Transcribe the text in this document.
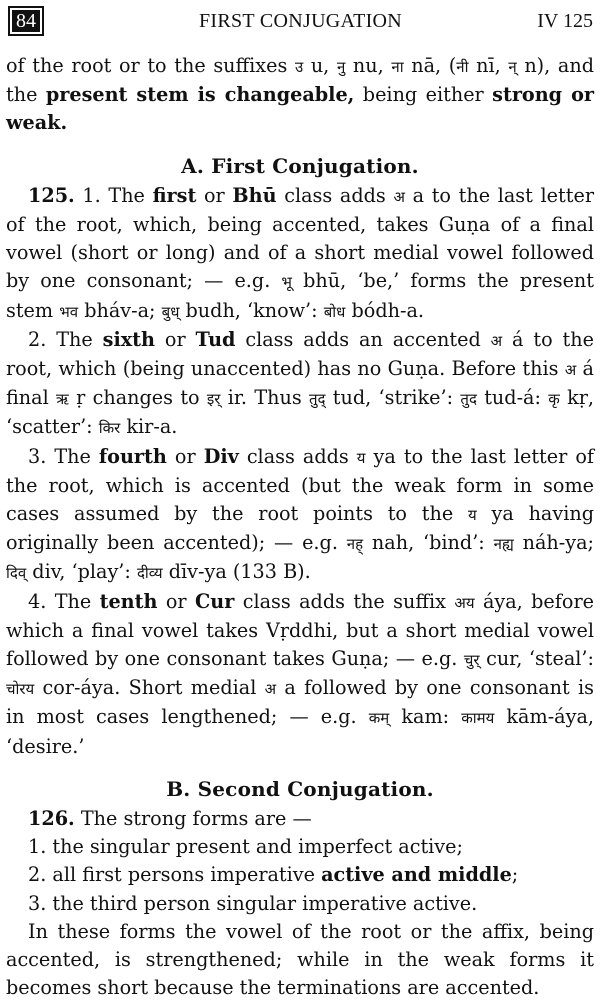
84	FIRST CONJUGATION	IV 125

of the root or to the suffixes उ u, नु nu, ना nā, (नी nī, न् n), and the present stem is changeable, being either strong or weak.

A. First Conjugation.

125. 1. The first or Bhū class adds अ a to the last letter of the root, which, being accented, takes Guṇa of a final vowel (short or long) and of a short medial vowel followed by one consonant; — e.g. भू bhū, ‘be,’ forms the present stem भव bháv-a; बुध् budh, ‘know’: बोध bódh-a.

2. The sixth or Tud class adds an accented अ á to the root, which (being unaccented) has no Guṇa. Before this अ á final ऋ ṛ changes to इर् ir. Thus तुद् tud, ‘strike’: तुद tud-á: कृ kṛ, ‘scatter’: किर kir-a.

3. The fourth or Div class adds य ya to the last letter of the root, which is accented (but the weak form in some cases assumed by the root points to the य ya having originally been accented); — e.g. नह् nah, ‘bind’: नह्य náh-ya; दिव् div, ‘play’: दीव्य dīv-ya (133 B).

4. The tenth or Cur class adds the suffix अय áya, before which a final vowel takes Vṛddhi, but a short medial vowel followed by one consonant takes Guṇa; — e.g. चुर् cur, ‘steal’: चोरय cor-áya. Short medial अ a followed by one consonant is in most cases lengthened; — e.g. कम् kam: कामय kām-áya, ‘desire.’

B. Second Conjugation.

126. The strong forms are —

1. the singular present and imperfect active;

2. all first persons imperative active and middle;

3. the third person singular imperative active.

In these forms the vowel of the root or the affix, being accented, is strengthened; while in the weak forms it becomes short because the terminations are accented.
